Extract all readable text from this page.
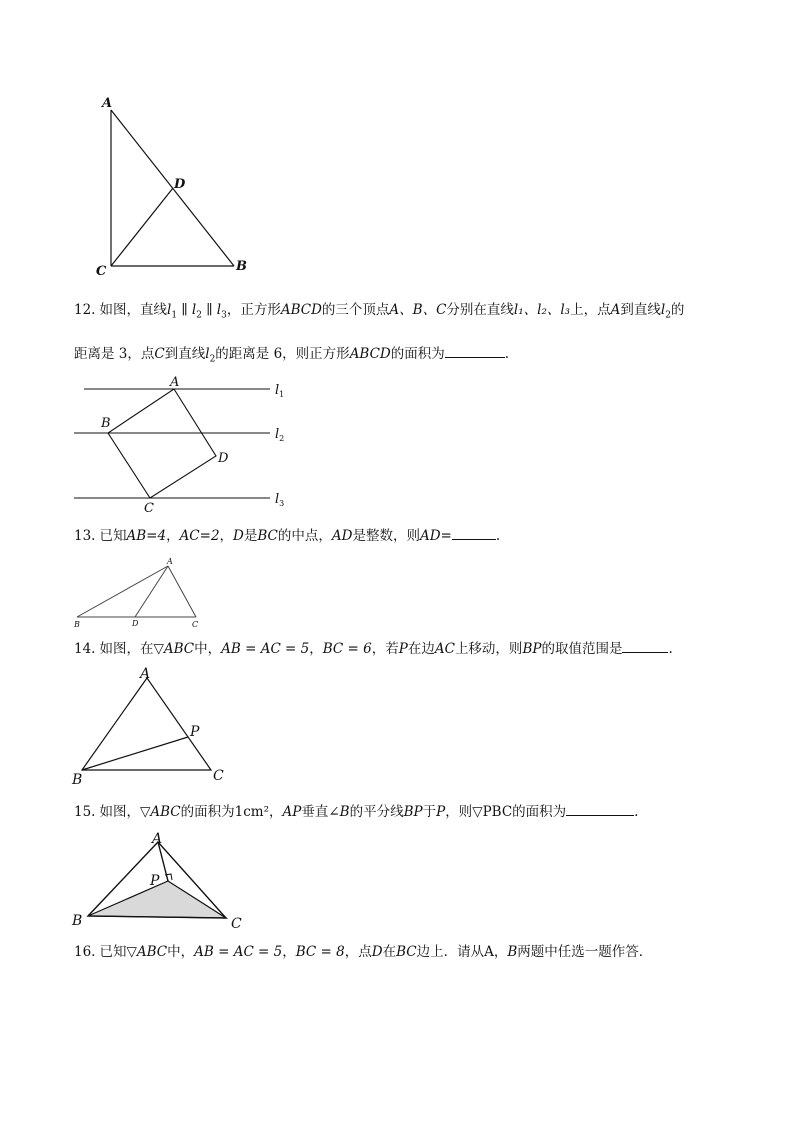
A
D
C	B
12. 如图，直线$l_1$ ∥ $l_2$ ∥ $l_3$，正方形ABCD的三个顶点A、B、C分别在直线l₁、l₂、l₃上，点A到直线$l_2$的
距离是 3，点C到直线$l_2$的距离是 6，则正方形ABCD的面积为	.
A
B
D
C
$l_1$
$l_2$
$l_3$
13. 已知AB=4，AC=2，D是BC的中点，AD是整数，则AD=	.
A
B	D	C
14. 如图，在▽ABC中，AB = AC = 5，BC = 6，若P在边AC上移动，则BP的取值范围是	.
A
P
B	C
15. 如图，▽ABC的面积为1cm²，AP垂直∠B的平分线BP于P，则▽PBC的面积为	.
A
P
B	C
16. 已知▽ABC中，AB = AC = 5，BC = 8，点D在BC边上．请从A，B两题中任选一题作答．
